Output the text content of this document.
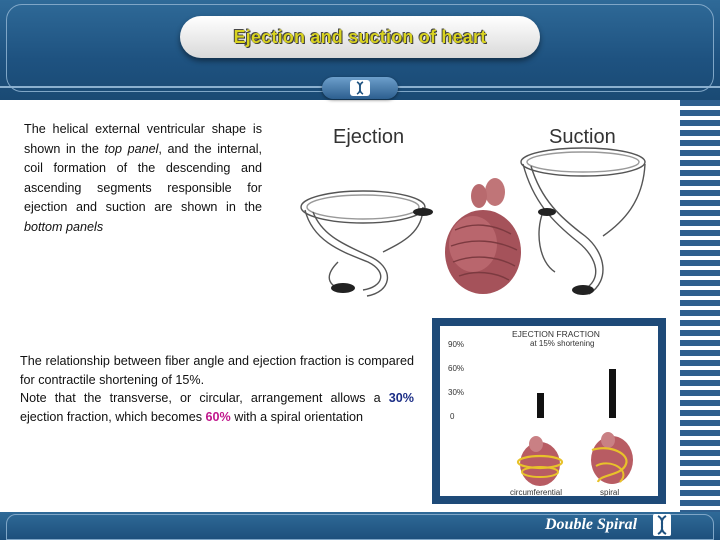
Ejection and suction of heart

The helical external ventricular shape is shown in the top panel, and the internal, coil formation of the descending and ascending segments responsible for ejection and suction are shown in the bottom panels

Ejection	Suction

The relationship between fiber angle and ejection fraction is compared for contractile shortening of 15%.

Note that the transverse, or circular, arrangement allows a 30% ejection fraction, which becomes 60% with a spiral orientation

EJECTION FRACTION
at 15% shortening
90%
60%
30%
0
circumferential	spiral
Double Spiral
